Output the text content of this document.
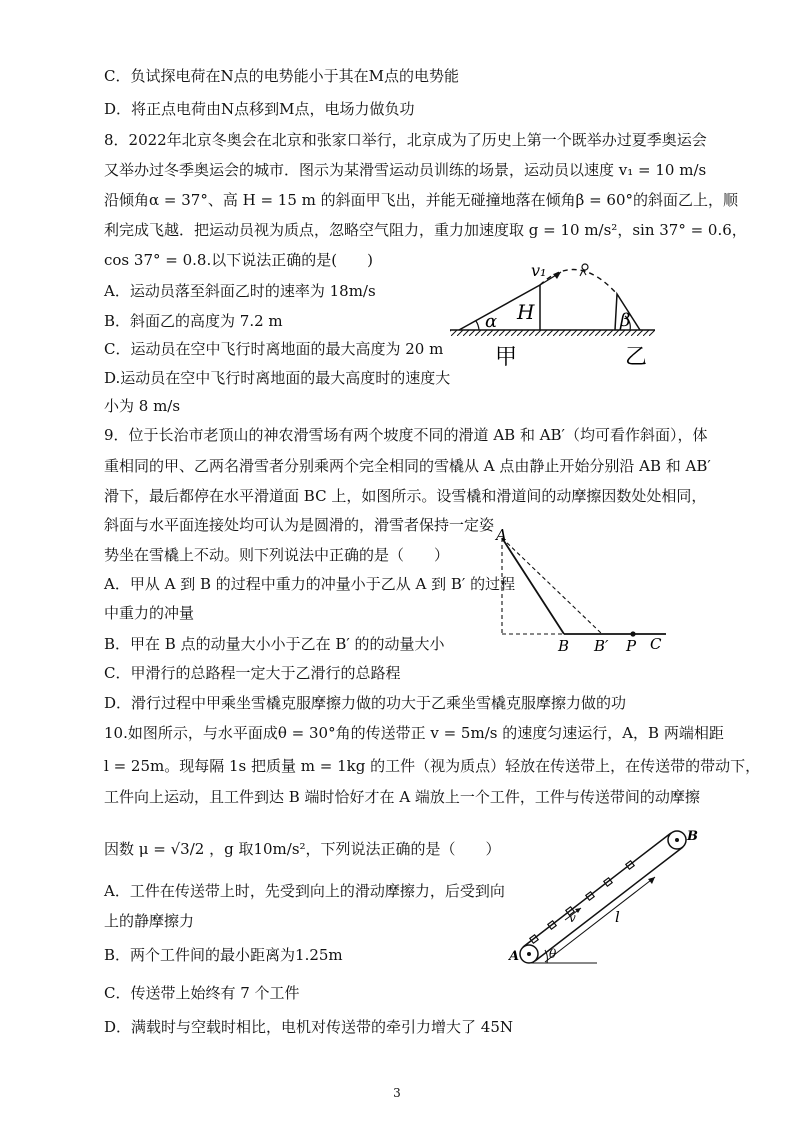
C．负试探电荷在N点的电势能小于其在M点的电势能
D．将正点电荷由N点移到M点，电场力做负功
8．2022年北京冬奥会在北京和张家口举行，北京成为了历史上第一个既举办过夏季奥运会
又举办过冬季奥运会的城市．图示为某滑雪运动员训练的场景，运动员以速度 v₁ = 10 m/s
沿倾角α = 37°、高 H = 15 m 的斜面甲飞出，并能无碰撞地落在倾角β = 60°的斜面乙上，顺
利完成飞越．把运动员视为质点，忽略空气阻力，重力加速度取 g = 10 m/s²，sin 37° = 0.6，
cos 37° = 0.8.以下说法正确的是(　　)
A．运动员落至斜面乙时的速率为 18m/s
B．斜面乙的高度为 7.2 m
C．运动员在空中飞行时离地面的最大高度为 20 m
D.运动员在空中飞行时离地面的最大高度时的速度大
小为 8 m/s
v₁
H
α	β
甲	乙
9．位于长治市老顶山的神农滑雪场有两个坡度不同的滑道 AB 和 AB′（均可看作斜面），体
重相同的甲、乙两名滑雪者分别乘两个完全相同的雪橇从 A 点由静止开始分别沿 AB 和 AB′
滑下，最后都停在水平滑道面 BC 上，如图所示。设雪橇和滑道间的动摩擦因数处处相同，
斜面与水平面连接处均可认为是圆滑的，滑雪者保持一定姿
势坐在雪橇上不动。则下列说法中正确的是（　　）
A．甲从 A 到 B 的过程中重力的冲量小于乙从 A 到 B′ 的过程
中重力的冲量
B．甲在 B 点的动量大小小于乙在 B′ 的的动量大小
C．甲滑行的总路程一定大于乙滑行的总路程
D．滑行过程中甲乘坐雪橇克服摩擦力做的功大于乙乘坐雪橇克服摩擦力做的功
A
B B′ P C
10.如图所示，与水平面成θ = 30°角的传送带正 v = 5m/s 的速度匀速运行，A，B 两端相距
l = 25m。现每隔 1s 把质量 m = 1kg 的工件（视为质点）轻放在传送带上，在传送带的带动下，
工件向上运动，且工件到达 B 端时恰好才在 A 端放上一个工件，工件与传送带间的动摩擦
因数 μ = √3/2 ，g 取10m/s²，下列说法正确的是（　　）
A．工件在传送带上时，先受到向上的滑动摩擦力，后受到向
上的静摩擦力
B．两个工件间的最小距离为1.25m
C．传送带上始终有 7 个工件
D．满载时与空载时相比，电机对传送带的牵引力增大了 45N
v	l
A
B
θ
3
